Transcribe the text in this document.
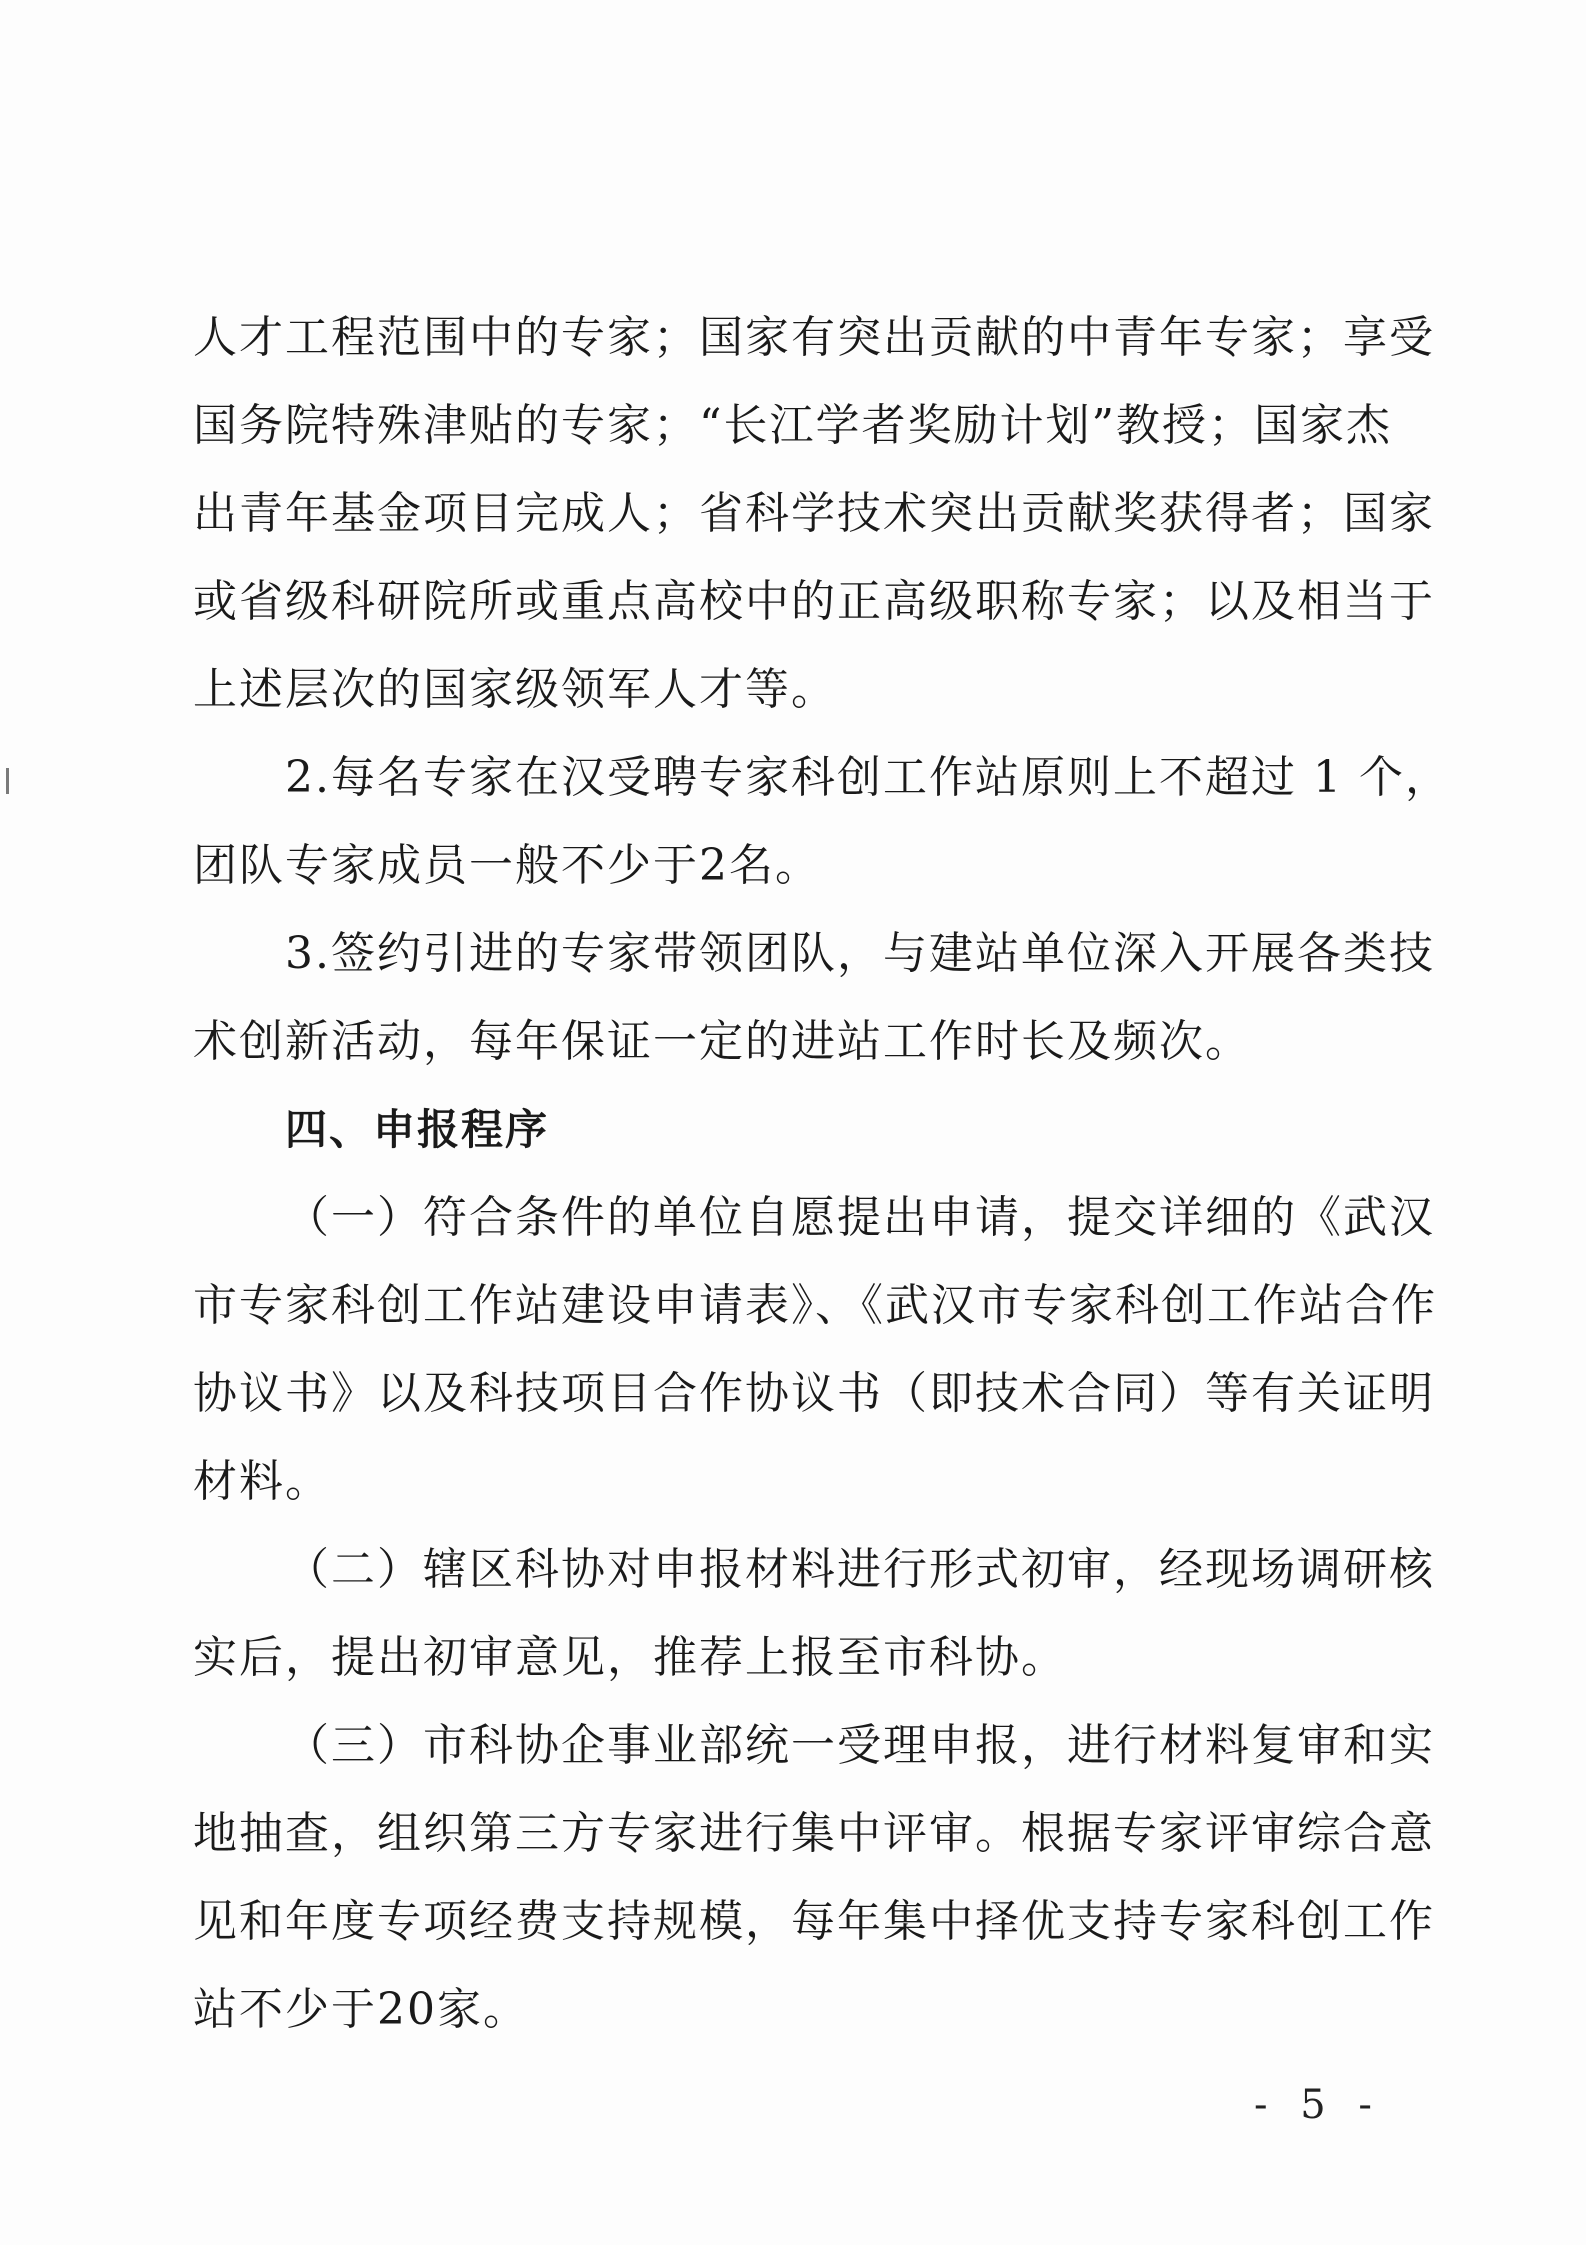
人才工程范围中的专家；国家有突出贡献的中青年专家；享受
国务院特殊津贴的专家；“长江学者奖励计划”教授；国家杰
出青年基金项目完成人；省科学技术突出贡献奖获得者；国家
或省级科研院所或重点高校中的正高级职称专家；以及相当于
上述层次的国家级领军人才等。
2.每名专家在汉受聘专家科创工作站原则上不超过 1 个，
团队专家成员一般不少于2名。
3.签约引进的专家带领团队，与建站单位深入开展各类技
术创新活动，每年保证一定的进站工作时长及频次。
四、申报程序
（一）符合条件的单位自愿提出申请，提交详细的《武汉
市专家科创工作站建设申请表》、《武汉市专家科创工作站合作
协议书》以及科技项目合作协议书（即技术合同）等有关证明
材料。
（二）辖区科协对申报材料进行形式初审，经现场调研核
实后，提出初审意见，推荐上报至市科协。
（三）市科协企事业部统一受理申报，进行材料复审和实
地抽查，组织第三方专家进行集中评审。根据专家评审综合意
见和年度专项经费支持规模，每年集中择优支持专家科创工作
站不少于20家。
- 5 -
